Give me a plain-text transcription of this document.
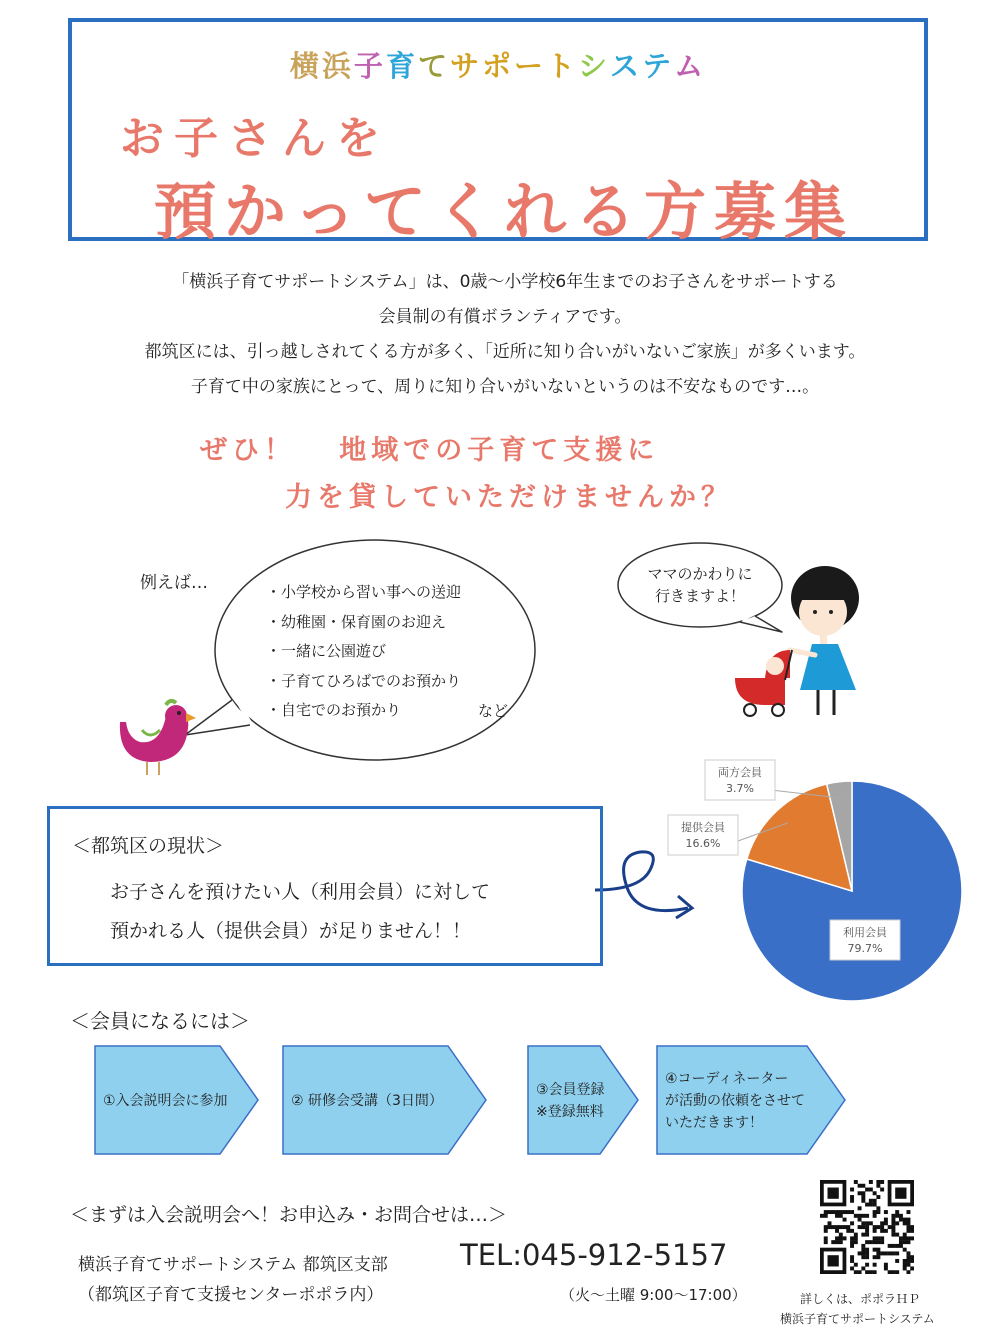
横浜子育てサポートシステム
お子さんを
預かってくれる方募集
「横浜子育てサポートシステム」は、0歳〜小学校6年生までのお子さんをサポートする
会員制の有償ボランティアです。
都筑区には、引っ越しされてくる方が多く、「近所に知り合いがいないご家族」が多くいます。
子育て中の家族にとって、周りに知り合いがいないというのは不安なものです…。
ぜひ！   地域での子育て支援に
力を貸していただけませんか？
例えば…	・小学校から習い事への送迎
・幼稚園・保育園のお迎え
・一緒に公園遊び
・子育てひろばでのお預かり
・自宅でのお預かり	など
ママのかわりに
行きますよ！
＜都筑区の現状＞
お子さんを預けたい人（利用会員）に対して
預かれる人（提供会員）が足りません！！	利用会員
79.7%
提供会員
16.6%
両方会員
3.7%
＜会員になるには＞
①入会説明会に参加	② 研修会受講（3日間）
③会員登録
※登録無料
④コーディネーター
が活動の依頼をさせて
いただきます！
＜まずは入会説明会へ！お申込み・お問合せは…＞
横浜子育てサポートシステム 都筑区支部
（都筑区子育て支援センターポポラ内）
TEL:045-912-5157
（火〜土曜 9:00〜17:00）	詳しくは、ポポラＨＰ
横浜子育てサポートシステム
